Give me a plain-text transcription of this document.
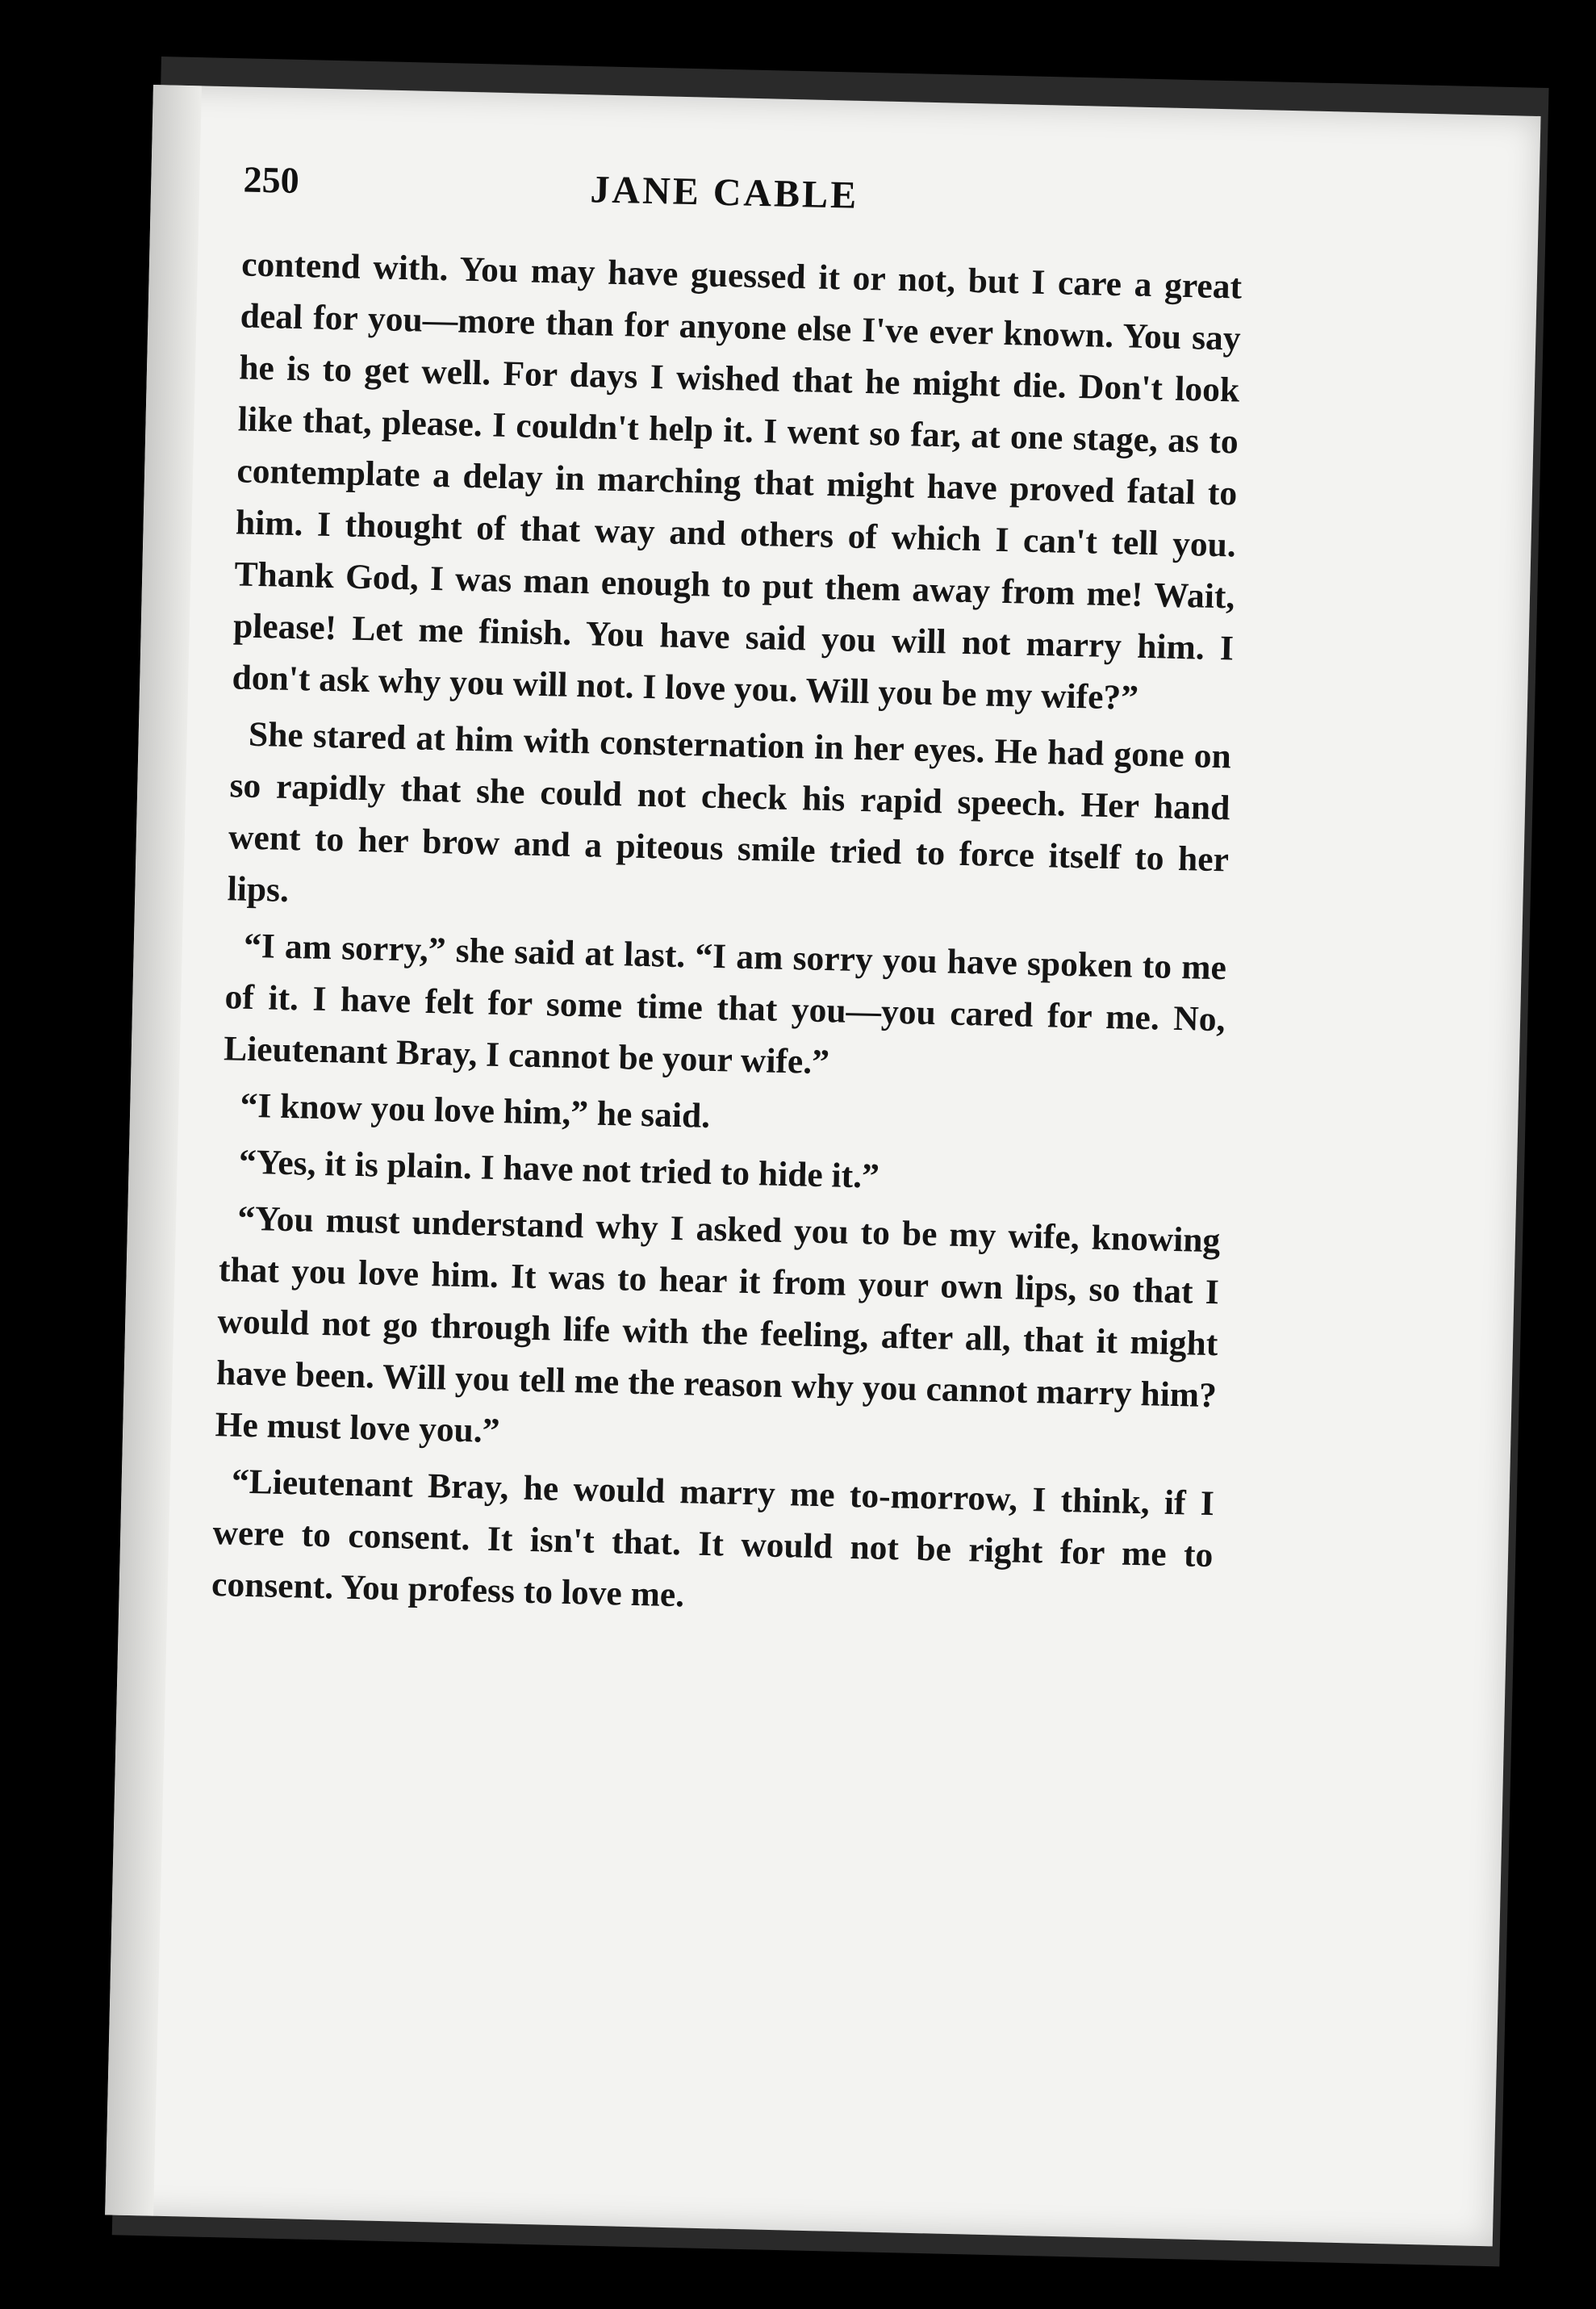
250	JANE CABLE

contend with. You may have guessed it or not, but I care a great deal for you—more than for anyone else I've ever known. You say he is to get well. For days I wished that he might die. Don't look like that, please. I couldn't help it. I went so far, at one stage, as to contemplate a delay in marching that might have proved fatal to him. I thought of that way and others of which I can't tell you. Thank God, I was man enough to put them away from me! Wait, please! Let me finish. You have said you will not marry him. I don't ask why you will not. I love you. Will you be my wife?”

She stared at him with consternation in her eyes. He had gone on so rapidly that she could not check his rapid speech. Her hand went to her brow and a piteous smile tried to force itself to her lips.

“I am sorry,” she said at last. “I am sorry you have spoken to me of it. I have felt for some time that you—you cared for me. No, Lieutenant Bray, I cannot be your wife.”

“I know you love him,” he said.

“Yes, it is plain. I have not tried to hide it.”

“You must understand why I asked you to be my wife, knowing that you love him. It was to hear it from your own lips, so that I would not go through life with the feeling, after all, that it might have been. Will you tell me the reason why you cannot marry him? He must love you.”

“Lieutenant Bray, he would marry me to-morrow, I think, if I were to consent. It isn't that. It would not be right for me to consent. You profess to love me.
